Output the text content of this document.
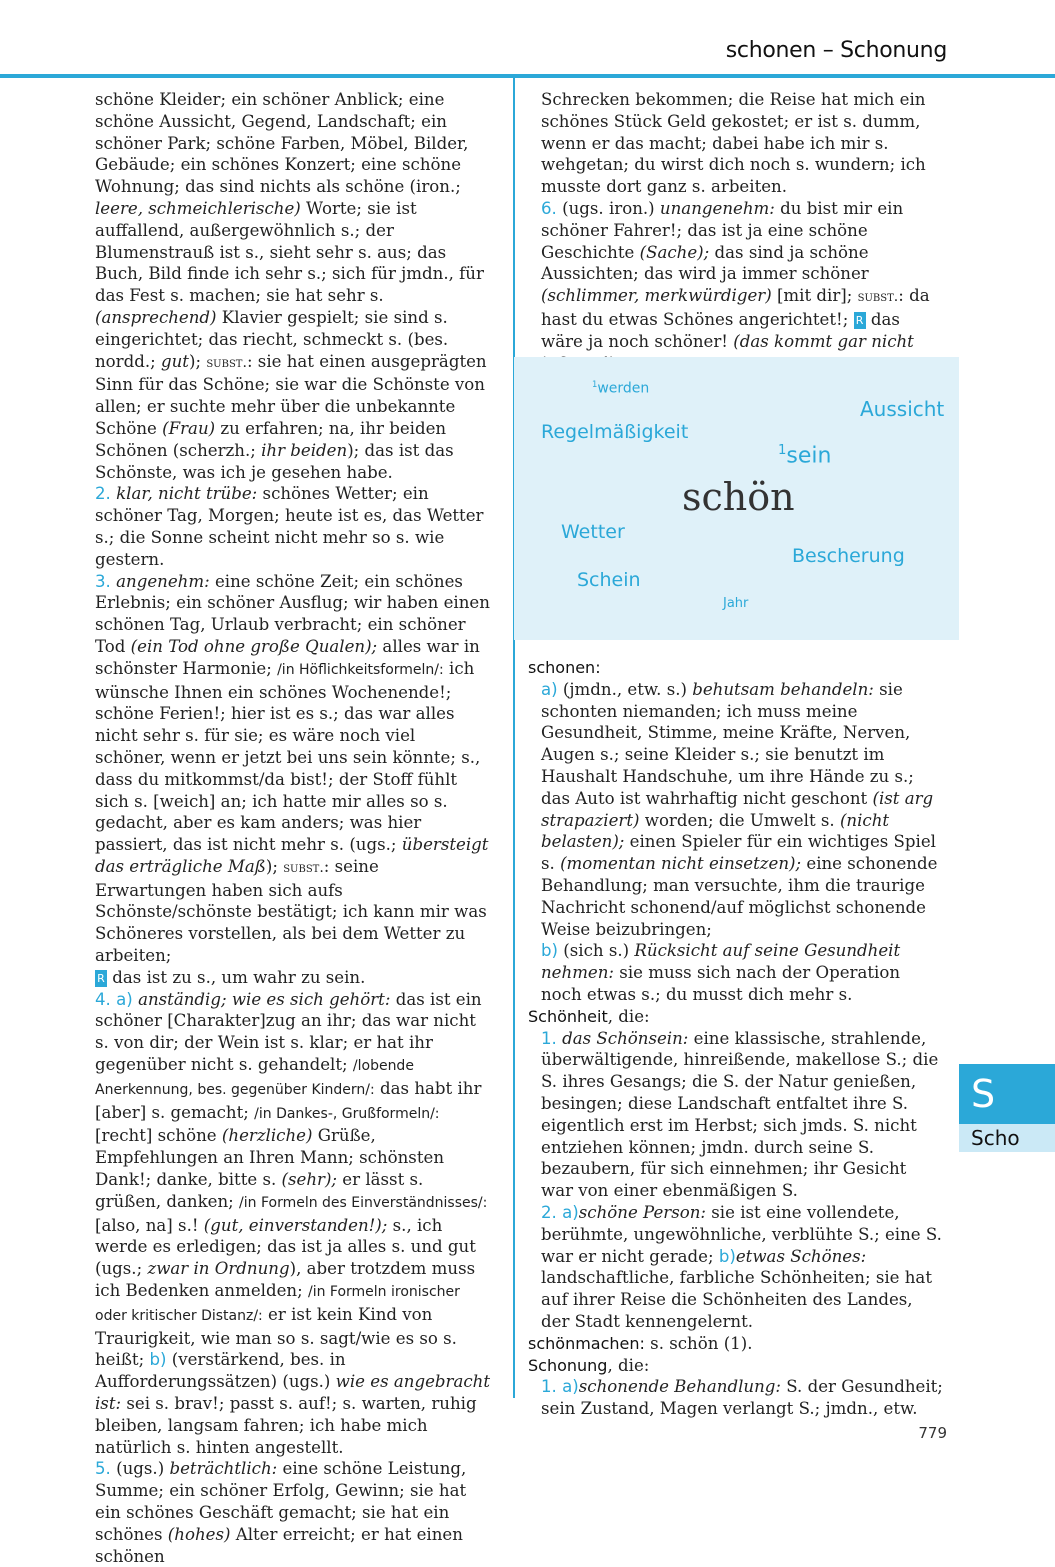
schonen – Schonung

schöne Kleider; ein schöner Anblick; eine schöne Aussicht, Gegend, Landschaft; ein schöner Park; schöne Farben, Möbel, Bilder, Gebäude; ein schönes Konzert; eine schöne Wohnung; das sind nichts als schöne (iron.; leere, schmeichlerische) Worte; sie ist auffallend, außergewöhnlich s.; der Blumenstrauß ist s., sieht sehr s. aus; das Buch, Bild finde ich sehr s.; sich für jmdn., für das Fest s. machen; sie hat sehr s. (ansprechend) Klavier gespielt; sie sind s. eingerichtet; das riecht, schmeckt s. (bes. nordd.; gut); subst.: sie hat einen ausgeprägten Sinn für das Schöne; sie war die Schönste von allen; er suchte mehr über die unbekannte Schöne (Frau) zu erfahren; na, ihr beiden Schönen (scherzh.; ihr beiden); das ist das Schönste, was ich je gesehen habe.

2. klar, nicht trübe: schönes Wetter; ein schöner Tag, Morgen; heute ist es, das Wetter s.; die Sonne scheint nicht mehr so s. wie gestern.

3. angenehm: eine schöne Zeit; ein schönes Erlebnis; ein schöner Ausflug; wir haben einen schönen Tag, Urlaub verbracht; ein schöner Tod (ein Tod ohne große Qualen); alles war in schönster Harmonie; /in Höflichkeitsformeln/: ich wünsche Ihnen ein schönes Wochenende!; schöne Ferien!; hier ist es s.; das war alles nicht sehr s. für sie; es wäre noch viel schöner, wenn er jetzt bei uns sein könnte; s., dass du mitkommst/da bist!; der Stoff fühlt sich s. [weich] an; ich hatte mir alles so s. gedacht, aber es kam anders; was hier passiert, das ist nicht mehr s. (ugs.; übersteigt das erträgliche Maß); subst.: seine Erwartungen haben sich aufs Schönste/schönste bestätigt; ich kann mir was Schöneres vorstellen, als bei dem Wetter zu arbeiten;
R das ist zu s., um wahr zu sein.

4. a) anständig; wie es sich gehört: das ist ein schöner [Charakter]zug an ihr; das war nicht s. von dir; der Wein ist s. klar; er hat ihr gegenüber nicht s. gehandelt; /lobende Anerkennung, bes. gegenüber Kindern/: das habt ihr [aber] s. gemacht; /in Dankes-, Grußformeln/: [recht] schöne (herzliche) Grüße, Empfehlungen an Ihren Mann; schönsten Dank!; danke, bitte s. (sehr); er lässt s. grüßen, danken; /in Formeln des Einverständnisses/: [also, na] s.! (gut, einverstanden!); s., ich werde es erledigen; das ist ja alles s. und gut (ugs.; zwar in Ordnung), aber trotzdem muss ich Bedenken anmelden; /in Formeln ironischer oder kritischer Distanz/: er ist kein Kind von Traurigkeit, wie man so s. sagt/wie es so s. heißt; b) (verstärkend, bes. in Aufforderungssätzen) (ugs.) wie es angebracht ist: sei s. brav!; passt s. auf!; s. warten, ruhig bleiben, langsam fahren; ich habe mich natürlich s. hinten angestellt.

5. (ugs.) beträchtlich: eine schöne Leistung, Summe; ein schöner Erfolg, Gewinn; sie hat ein schönes Geschäft gemacht; sie hat ein schönes (hohes) Alter erreicht; er hat einen schönen

Schrecken bekommen; die Reise hat mich ein schönes Stück Geld gekostet; er ist s. dumm, wenn er das macht; dabei habe ich mir s. wehgetan; du wirst dich noch s. wundern; ich musste dort ganz s. arbeiten.

6. (ugs. iron.) unangenehm: du bist mir ein schöner Fahrer!; das ist ja eine schöne Geschichte (Sache); das sind ja schöne Aussichten; das wird ja immer schöner (schlimmer, merkwürdiger) [mit dir]; subst.: da hast du etwas Schönes angerichtet!; R das wäre ja noch schöner! (das kommt gar nicht

$^1$werden
Aussicht
Regelmäßigkeit
$^1$sein
schön
Wetter
Bescherung
Schein
Jahr

schonen:

a) (jmdn., etw. s.) behutsam behandeln: sie schonten niemanden; ich muss meine Gesundheit, Stimme, meine Kräfte, Nerven, Augen s.; seine Kleider s.; sie benutzt im Haushalt Handschuhe, um ihre Hände zu s.; das Auto ist wahrhaftig nicht geschont (ist arg strapaziert) worden; die Umwelt s. (nicht belasten); einen Spieler für ein wichtiges Spiel s. (momentan nicht einsetzen); eine schonende Behandlung; man versuchte, ihm die traurige Nachricht schonend/auf möglichst schonende Weise beizubringen;
b) (sich s.) Rücksicht auf seine Gesundheit nehmen: sie muss sich nach der Operation noch etwas s.; du musst dich mehr s.

Schönheit, die:

1. das Schönsein: eine klassische, strahlende, überwältigende, hinreißende, makellose S.; die S. ihres Gesangs; die S. der Natur genießen, besingen; diese Landschaft entfaltet ihre S. eigentlich erst im Herbst; sich jmds. S. nicht entziehen können; jmdn. durch seine S. bezaubern, für sich einnehmen; ihr Gesicht war von einer ebenmäßigen S.

2. a)schöne Person: sie ist eine vollendete, berühmte, ungewöhnliche, verblühte S.; eine S. war er nicht gerade; b)etwas Schönes: landschaftliche, farbliche Schönheiten; sie hat auf ihrer Reise die Schönheiten des Landes, der Stadt kennengelernt.

schönmachen: s. schön (1).

Schonung, die:

1. a)schonende Behandlung: S. der Gesundheit; sein Zustand, Magen verlangt S.; jmdn., etw.

S
Scho
779
